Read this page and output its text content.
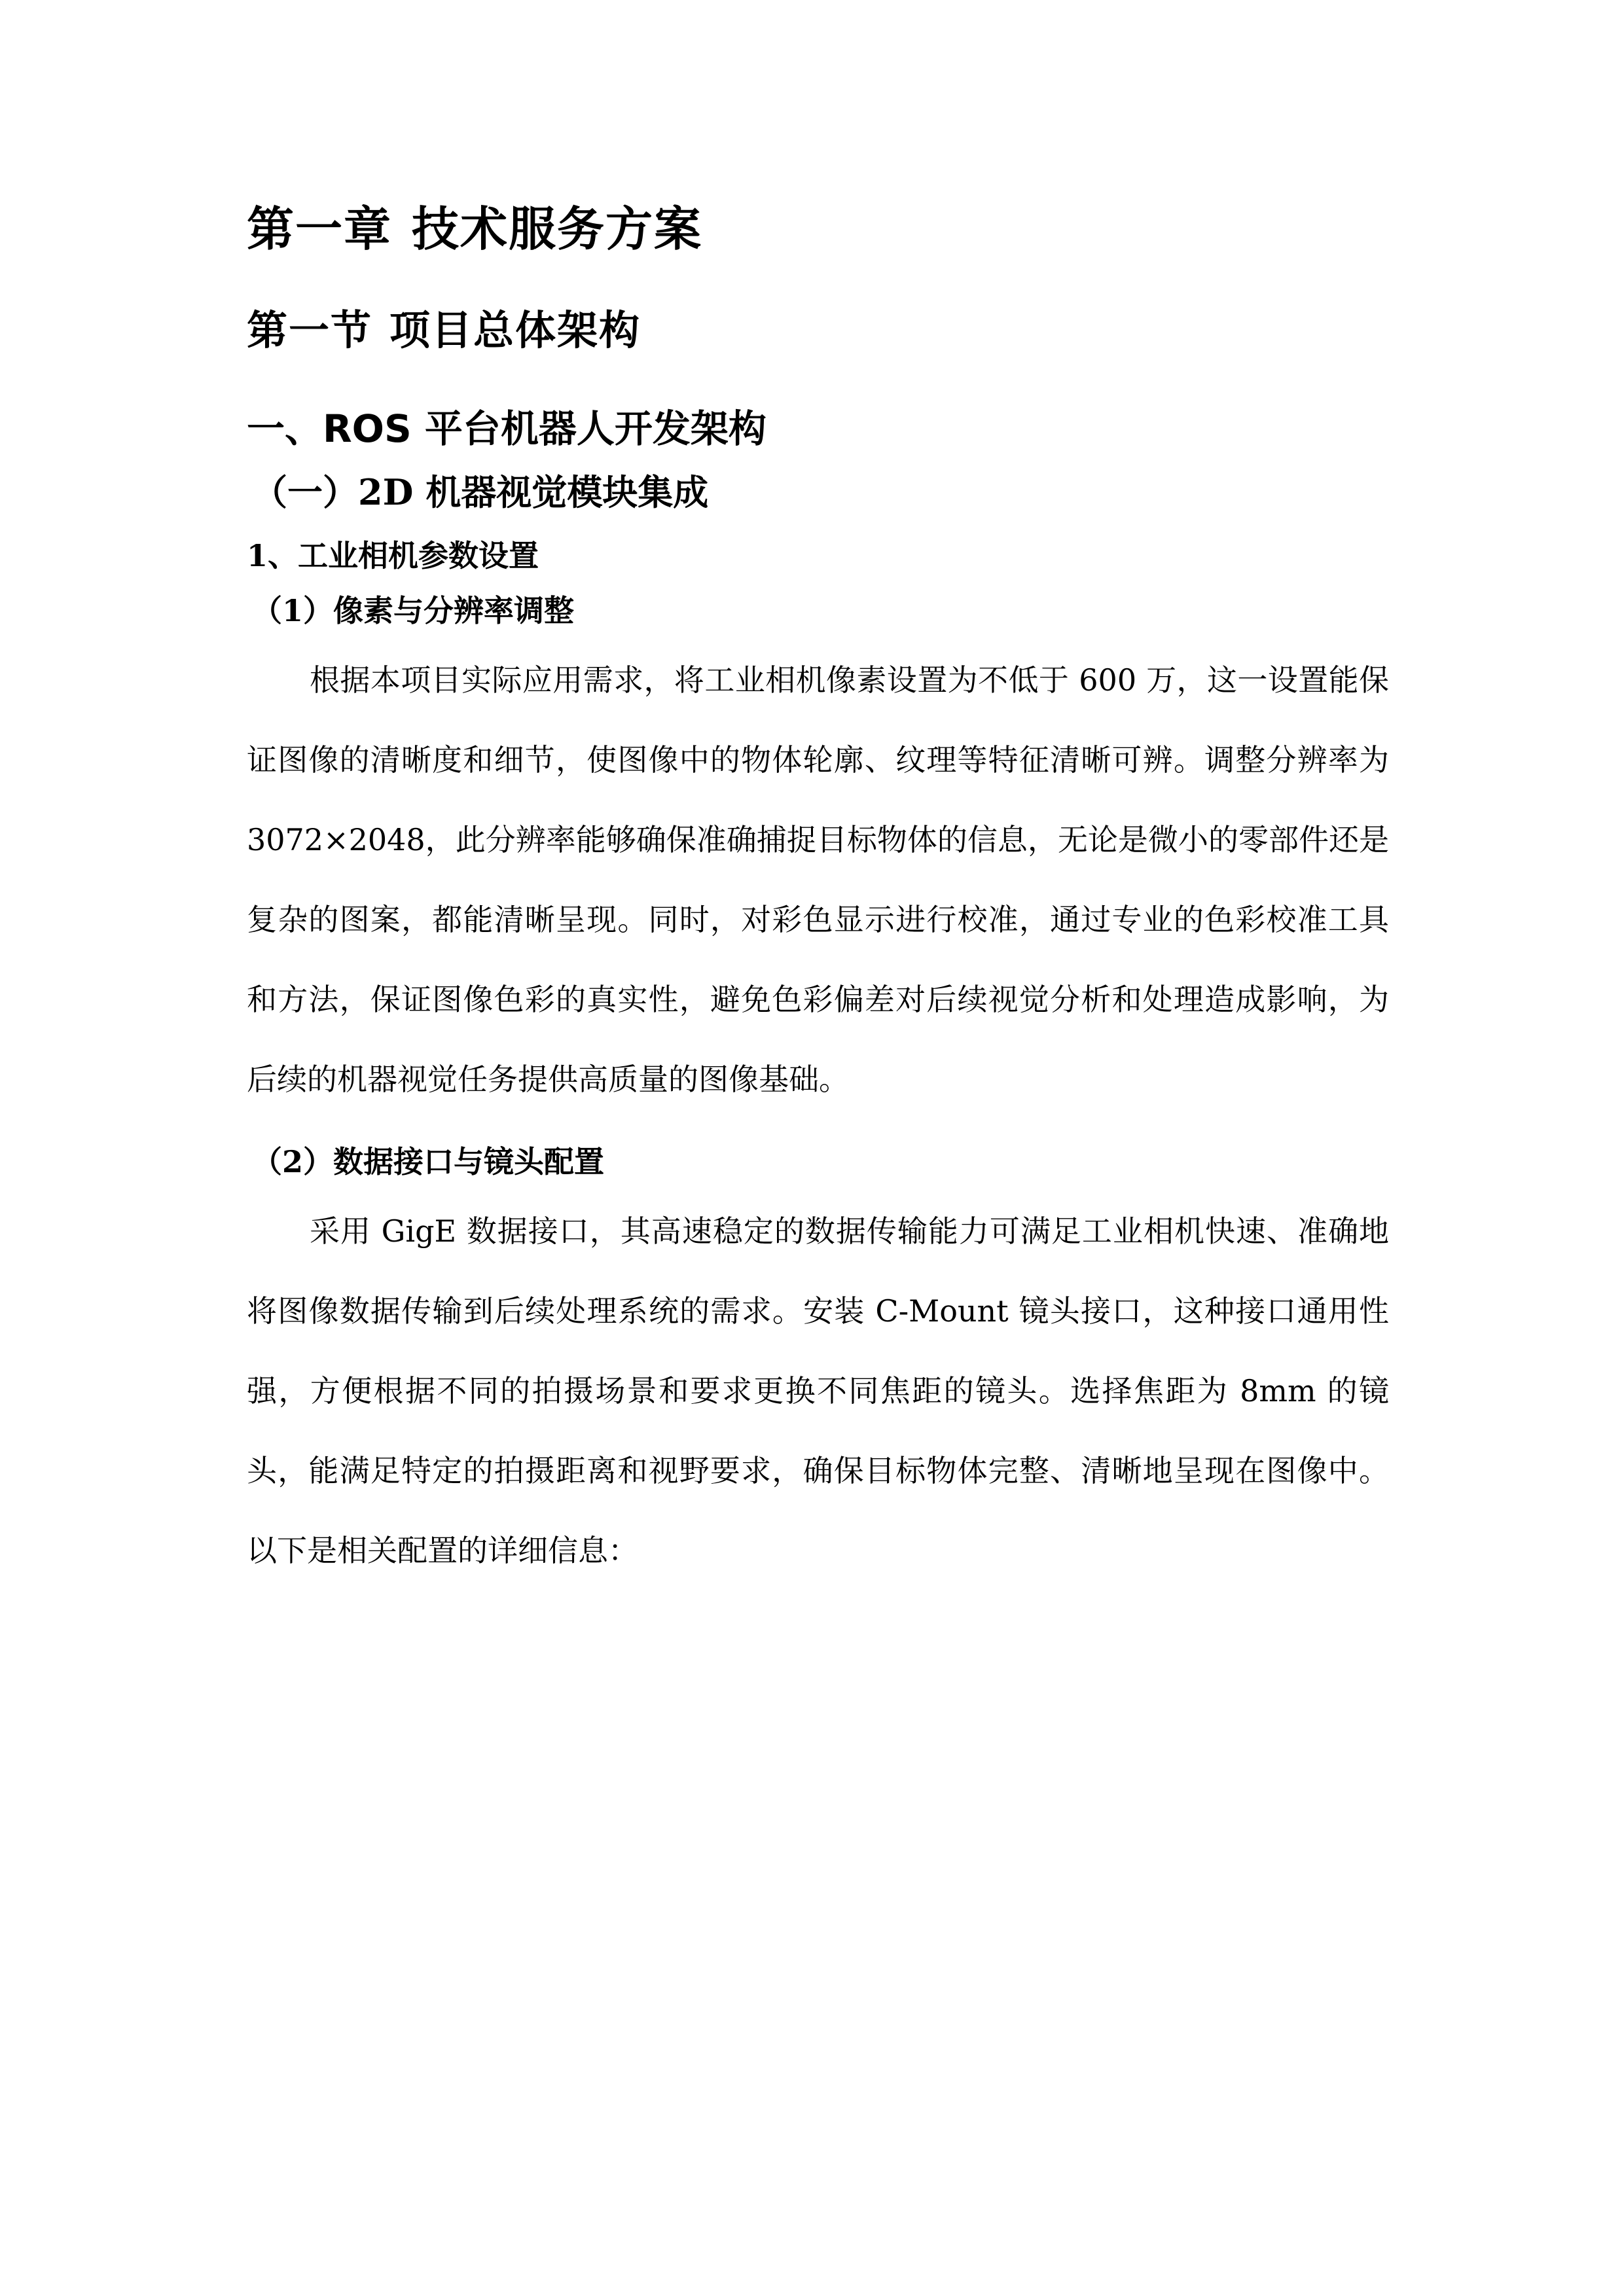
第一章 技术服务方案
第一节 项目总体架构
一、ROS 平台机器人开发架构
（一）2D 机器视觉模块集成
1、工业相机参数设置
（1）像素与分辨率调整

根据本项目实际应用需求，将工业相机像素设置为不低于 600 万，这一设置能保证图像的清晰度和细节，使图像中的物体轮廓、纹理等特征清晰可辨。调整分辨率为 3072×2048，此分辨率能够确保准确捕捉目标物体的信息，无论是微小的零部件还是复杂的图案，都能清晰呈现。同时，对彩色显示进行校准，通过专业的色彩校准工具和方法，保证图像色彩的真实性，避免色彩偏差对后续视觉分析和处理造成影响，为后续的机器视觉任务提供高质量的图像基础。

（2）数据接口与镜头配置

采用 GigE 数据接口，其高速稳定的数据传输能力可满足工业相机快速、准确地将图像数据传输到后续处理系统的需求。安装 C-Mount 镜头接口，这种接口通用性强，方便根据不同的拍摄场景和要求更换不同焦距的镜头。选择焦距为 8mm 的镜头，能满足特定的拍摄距离和视野要求，确保目标物体完整、清晰地呈现在图像中。以下是相关配置的详细信息：
